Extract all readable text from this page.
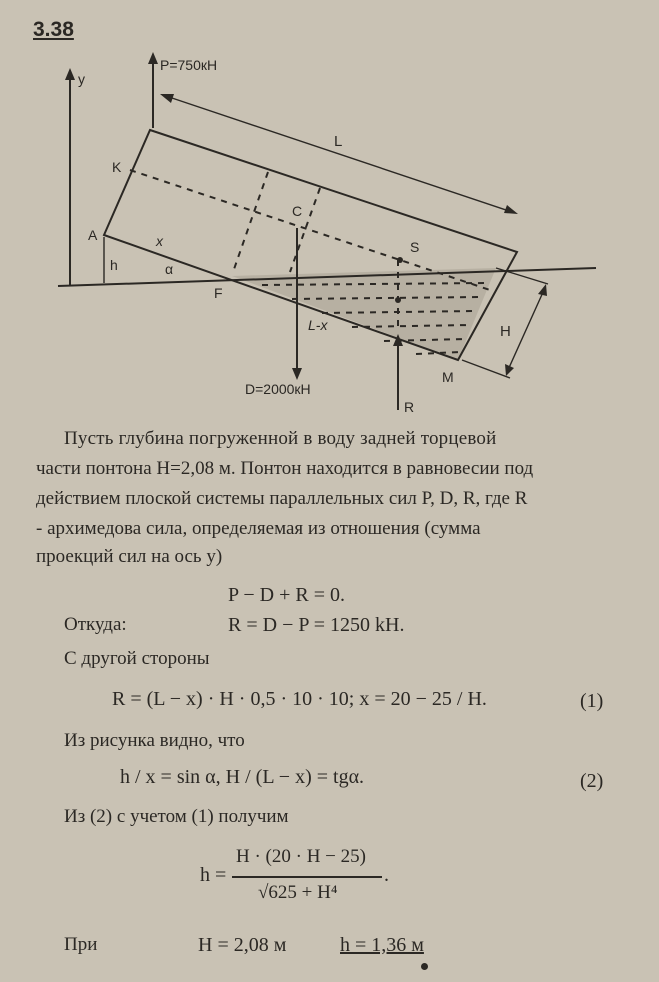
3.38
y
P=750кН
L
K
C
A	x	S
h	α
F
L-x
M
D=2000кН
R
H
Пусть глубина погруженной в воду задней торцевой
части понтона H=2,08 м. Понтон находится в равновесии под
действием плоской системы параллельных сил P, D, R, где R
- архимедова сила, определяемая из отношения (сумма
проекций сил на ось y)
P − D + R = 0.
Откуда:	R = D − P = 1250 kH.
С другой стороны
R = (L − x) · H · 0,5 · 10 · 10; x = 20 − 25 / H.	(1)
Из рисунка видно, что
h / x = sin α, H / (L − x) = tgα.	(2)
Из (2) с учетом (1) получим
h =
H · (20 · H − 25)
√625 + H⁴
.
При	H = 2,08 м	h = 1,36 м
